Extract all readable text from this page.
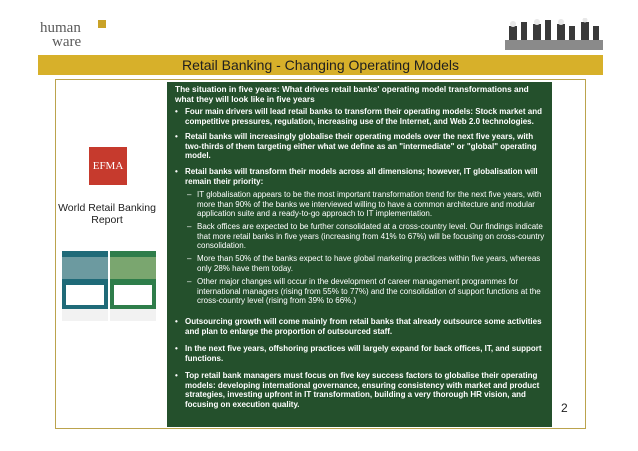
human
ware
Retail Banking - Changing Operating Models
EFMA
World Retail Banking Report
The situation in five years: What drives retail banks' operating model transformations and what they will look like in five years
• Four main drivers will lead retail banks to transform their operating models: Stock market and competitive pressures, regulation, increasing use of the Internet, and Web 2.0 technologies.
• Retail banks will increasingly globalise their operating models over the next five years, with two-thirds of them targeting either what we define as an "intermediate" or "global" operating model.
• Retail banks will transform their models across all dimensions; however, IT globalisation will remain their priority:
– IT globalisation appears to be the most important transformation trend for the next five years, with more than 90% of the banks we interviewed willing to have a common architecture and modular application suite and a ready-to-go approach to IT implementation.
– Back offices are expected to be further consolidated at a cross-country level. Our findings indicate that more retail banks in five years (increasing from 41% to 67%) will be focusing on cross-country consolidation.
– More than 50% of the banks expect to have global marketing practices within five years, whereas only 28% have them today.
– Other major changes will occur in the development of career management programmes for international managers (rising from 55% to 77%) and the consolidation of support functions at the cross-country level (rising from 39% to 66%.)
• Outsourcing growth will come mainly from retail banks that already outsource some activities and plan to enlarge the proportion of outsourced staff.
• In the next five years, offshoring practices will largely expand for back offices, IT, and support functions.
• Top retail bank managers must focus on five key success factors to globalise their operating models: developing international governance, ensuring consistency with market and product strategies, investing upfront in IT transformation, building a very thorough HR vision, and focusing on execution quality.	2
